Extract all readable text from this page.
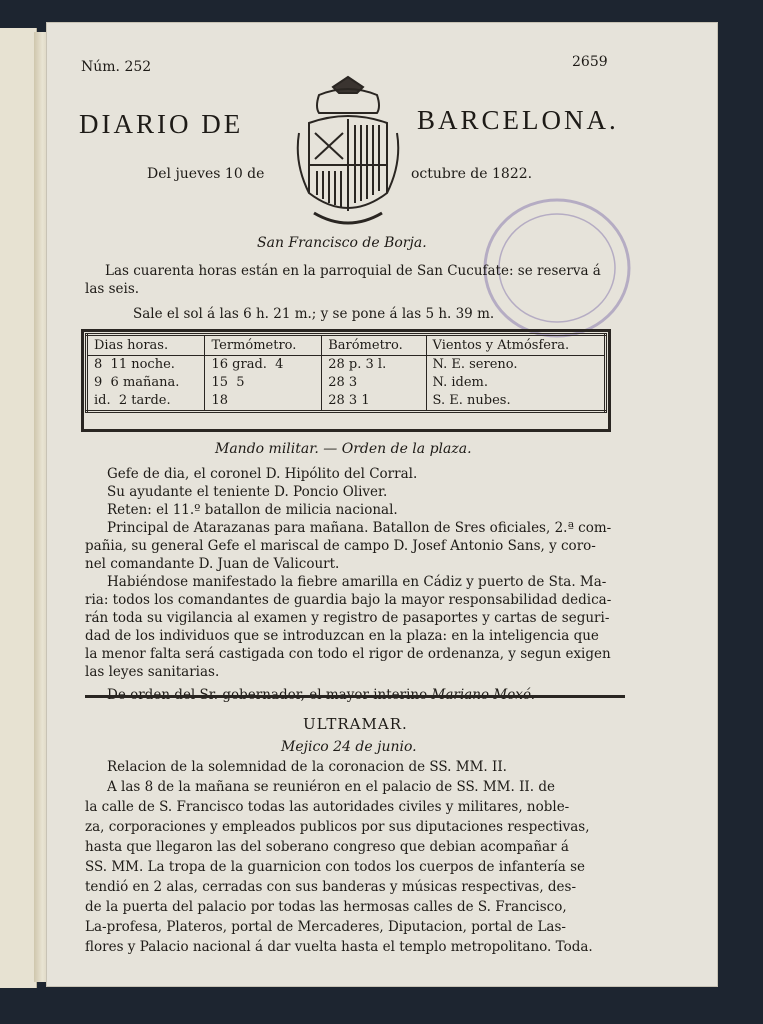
Núm. 252	2659
DIARIO DE	BARCELONA.
Del jueves 10 de	octubre de 1822.
San Francisco de Borja.
Las cuarenta horas están en la parroquial de San Cucufate: se reserva á
las seis.
Sale el sol á las 6 h. 21 m.; y se pone á las 5 h. 39 m.
Dias horas.	Termómetro.	Barómetro.	Vientos y Atmósfera.
8 11 noche.	16 grad. 4	28 p. 3 l.	N. E. sereno.
9 6 mañana.	15 5	28 3	N. idem.
id. 2 tarde.	18	28 3 1	S. E. nubes.
Mando militar. — Orden de la plaza.
Gefe de dia, el coronel D. Hipólito del Corral.
Su ayudante el teniente D. Poncio Oliver.
Reten: el 11.º batallon de milicia nacional.
Principal de Atarazanas para mañana. Batallon de Sres oficiales, 2.ª com-
pañia, su general Gefe el mariscal de campo D. Josef Antonio Sans, y coro-
nel comandante D. Juan de Valicourt.
Habiéndose manifestado la fiebre amarilla en Cádiz y puerto de Sta. Ma-
ria: todos los comandantes de guardia bajo la mayor responsabilidad dedica-
rán toda su vigilancia al examen y registro de pasaportes y cartas de seguri-
dad de los individuos que se introduzcan en la plaza: en la inteligencia que
la menor falta será castigada con todo el rigor de ordenanza, y segun exigen
las leyes sanitarias.
ULTRAMAR.
Mejico 24 de junio.
Relacion de la solemnidad de la coronacion de SS. MM. II.
A las 8 de la mañana se reuniéron en el palacio de SS. MM. II. de
la calle de S. Francisco todas las autoridades civiles y militares, noble-
za, corporaciones y empleados publicos por sus diputaciones respectivas,
hasta que llegaron las del soberano congreso que debian acompañar á
SS. MM. La tropa de la guarnicion con todos los cuerpos de infantería se
tendió en 2 alas, cerradas con sus banderas y músicas respectivas, des-
de la puerta del palacio por todas las hermosas calles de S. Francisco,
La-profesa, Plateros, portal de Mercaderes, Diputacion, portal de Las-
flores y Palacio nacional á dar vuelta hasta el templo metropolitano. Toda.
